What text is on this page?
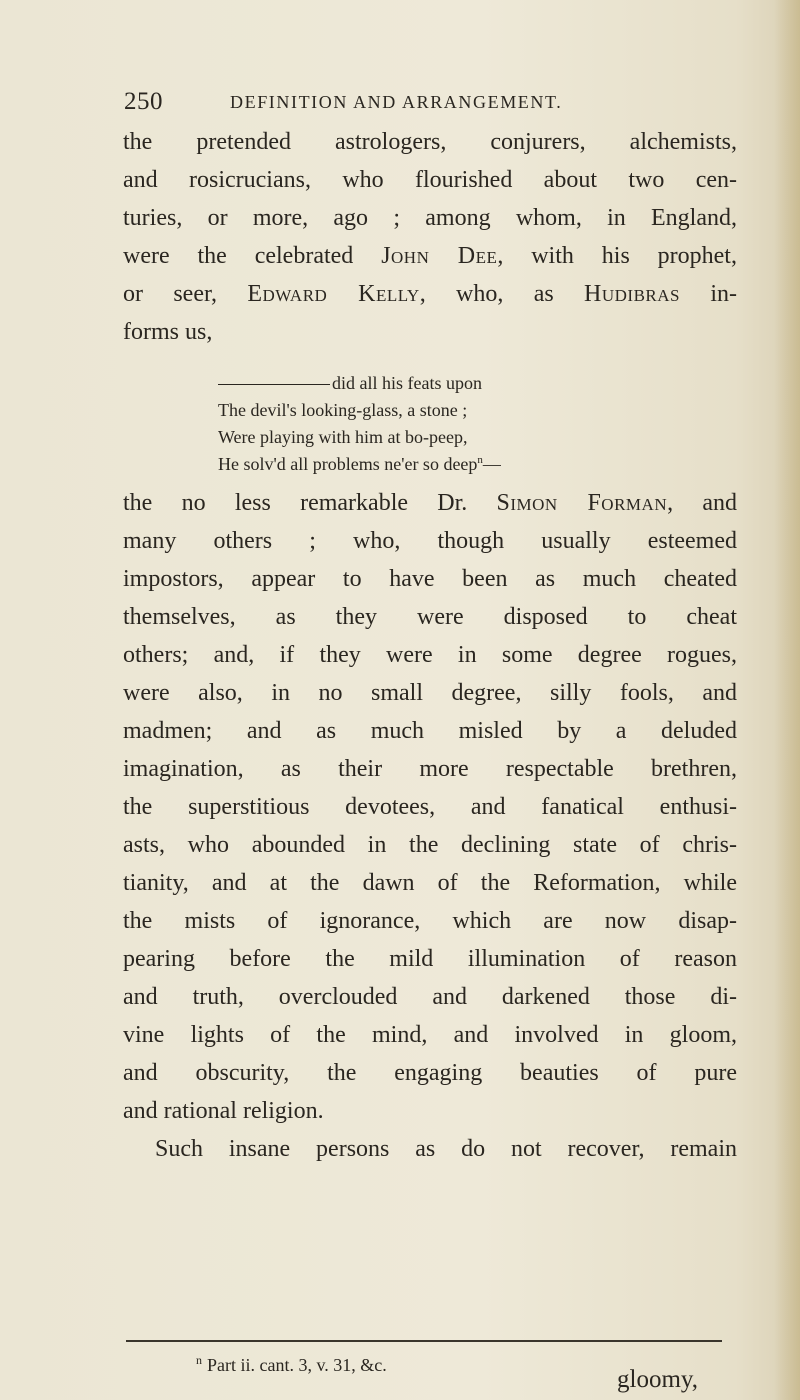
250	DEFINITION AND ARRANGEMENT.
the pretended astrologers, conjurers, alchemists,
and rosicrucians, who flourished about two cen-
turies, or more, ago ; among whom, in England,
were the celebrated John Dee, with his prophet,
or seer, Edward Kelly, who, as Hudibras in-
forms us,
did all his feats upon
The devil's looking-glass, a stone ;
Were playing with him at bo-peep,
He solv'd all problems ne'er so deep$^n$—
the no less remarkable Dr. Simon Forman, and
many others ; who, though usually esteemed
impostors, appear to have been as much cheated
themselves, as they were disposed to cheat
others; and, if they were in some degree rogues,
were also, in no small degree, silly fools, and
madmen; and as much misled by a deluded
imagination, as their more respectable brethren,
the superstitious devotees, and fanatical enthusi-
asts, who abounded in the declining state of chris-
tianity, and at the dawn of the Reformation, while
the mists of ignorance, which are now disap-
pearing before the mild illumination of reason
and truth, overclouded and darkened those di-
vine lights of the mind, and involved in gloom,
and obscurity, the engaging beauties of pure
and rational religion.
Such insane persons as do not recover, remain
$^n$ Part ii. cant. 3, v. 31, &c.
gloomy,
